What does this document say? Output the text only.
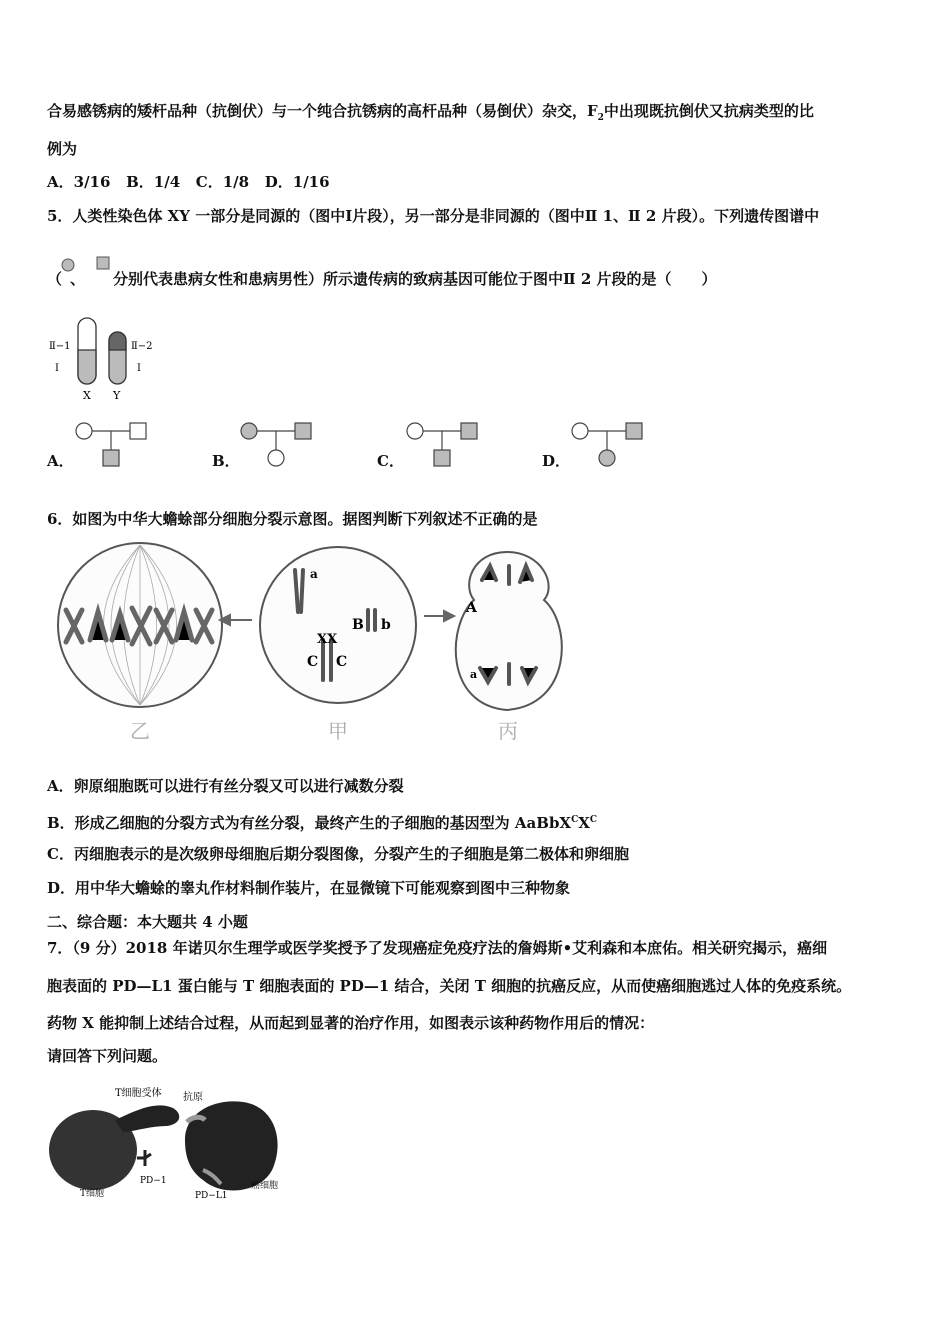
合易感锈病的矮杆品种（抗倒伏）与一个纯合抗锈病的高杆品种（易倒伏）杂交，$F_2$中出现既抗倒伏又抗病类型的比
例为
A．3/16   B．1/4   C．1/8   D．1/16
5．人类性染色体 XY 一部分是同源的（图中Ⅰ片段），另一部分是非同源的（图中Ⅱ 1、Ⅱ 2 片段）。下列遗传图谱中
（ 、 分别代表患病女性和患病男性）所示遗传病的致病基因可能位于图中Ⅱ 2 片段的是（　　）
Ⅱ−1
Ⅰ
Ⅱ−2
Ⅰ
X Y
A．	B．	C．	D．
6．如图为中华大蟾蜍部分细胞分裂示意图。据图判断下列叙述不正确的是
乙
a
B b
XX
C C
甲
A
a
丙
A．卵原细胞既可以进行有丝分裂又可以进行减数分裂
B．形成乙细胞的分裂方式为有丝分裂，最终产生的子细胞的基因型为 $AaBbX^CX^C$
C．丙细胞表示的是次级卵母细胞后期分裂图像，分裂产生的子细胞是第二极体和卵细胞
D．用中华大蟾蜍的睾丸作材料制作装片，在显微镜下可能观察到图中三种物象
二、综合题：本大题共 4 小题
7．（9 分）2018 年诺贝尔生理学或医学奖授予了发现癌症免疫疗法的詹姆斯•艾利森和本庶佑。相关研究揭示，癌细
胞表面的 PD—L1 蛋白能与 T 细胞表面的 PD—1 结合，关闭 T 细胞的抗癌反应，从而使癌细胞逃过人体的免疫系统。
药物 X 能抑制上述结合过程，从而起到显著的治疗作用，如图表示该种药物作用后的情况：
请回答下列问题。
T细胞受体 抗原
PD−1
T细胞	PD−L1
癌细胞
